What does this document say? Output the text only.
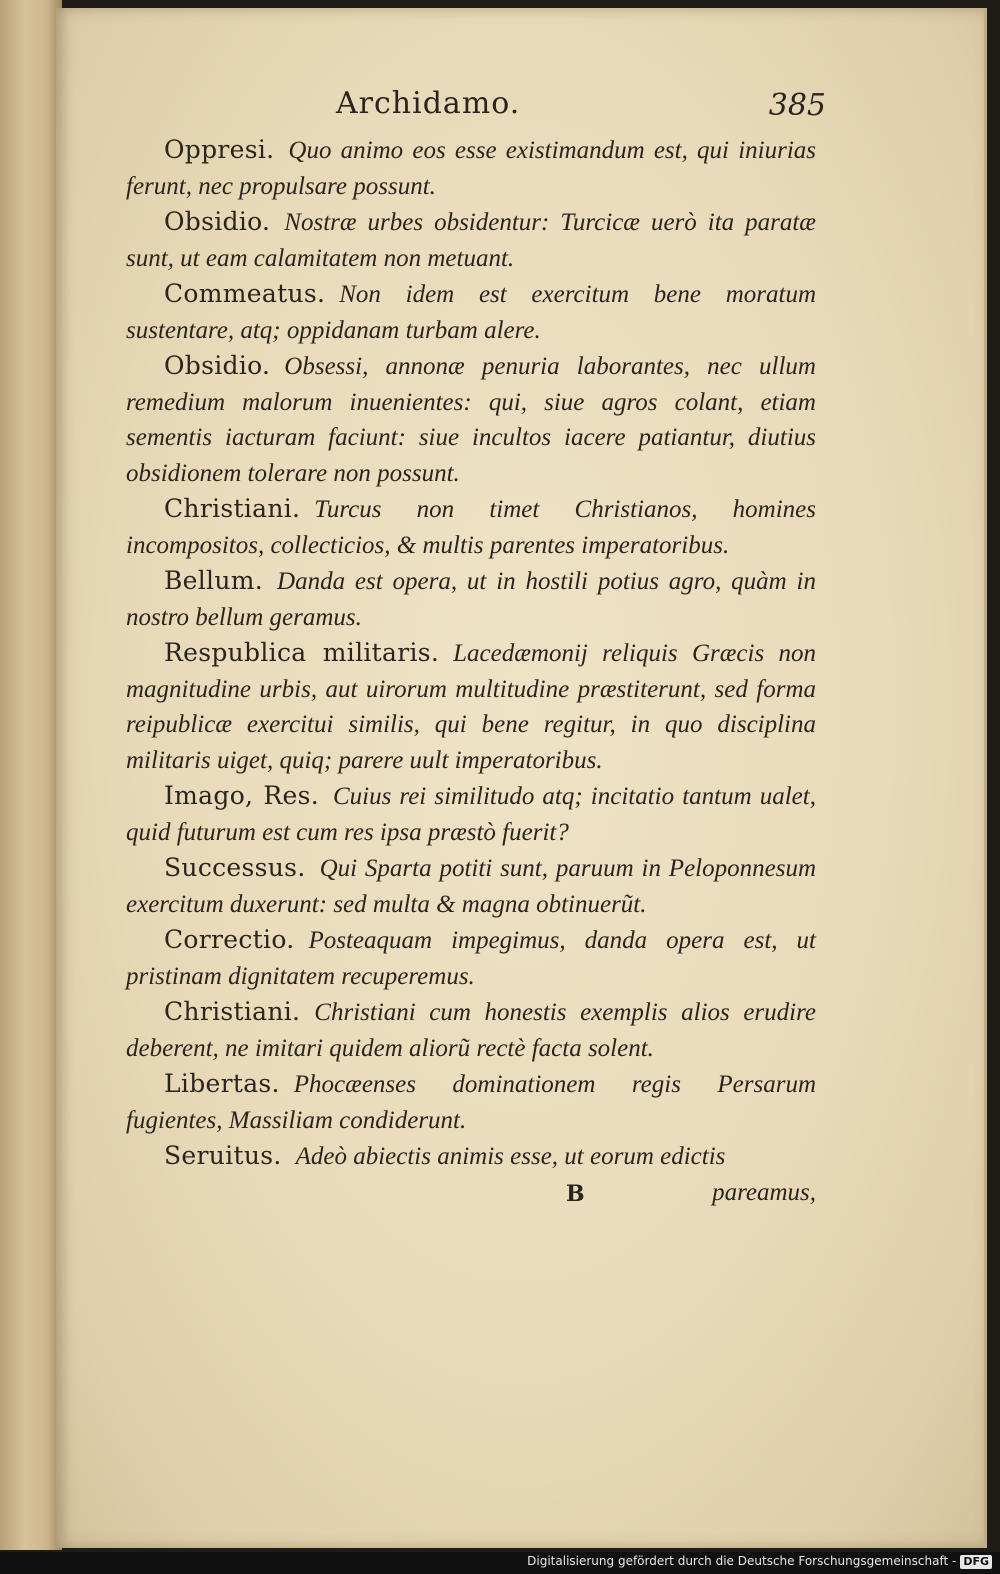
Archidamo.	385

Oppresi. Quo animo eos esse existimandum est, qui iniurias ferunt, nec propulsare possunt.

Obsidio. Nostræ urbes obsidentur: Turcicæ uerò ita paratæ sunt, ut eam calamitatem non metuant.

Commeatus. Non idem est exercitum bene moratum sustentare, atq; oppidanam turbam alere.

Obsidio. Obsessi, annonæ penuria laborantes, nec ullum remedium malorum inuenientes: qui, siue agros colant, etiam sementis iacturam faciunt: siue incultos iacere patiantur, diutius obsidionem tolerare non possunt.

Christiani. Turcus non timet Christianos, homines incompositos, collecticios, & multis parentes imperatoribus.

Bellum. Danda est opera, ut in hostili potius agro, quàm in nostro bellum geramus.

Respublica militaris. Lacedæmonij reliquis Græcis non magnitudine urbis, aut uirorum multitudine præstiterunt, sed forma reipublicæ exercitui similis, qui bene regitur, in quo disciplina militaris uiget, quiq; parere uult imperatoribus.

Imago, Res. Cuius rei similitudo atq; incitatio tantum ualet, quid futurum est cum res ipsa præstò fuerit?

Successus. Qui Sparta potiti sunt, paruum in Peloponnesum exercitum duxerunt: sed multa & magna obtinuerũt.

Correctio. Posteaquam impegimus, danda opera est, ut pristinam dignitatem recuperemus.

Christiani. Christiani cum honestis exemplis alios erudire deberent, ne imitari quidem aliorũ rectè facta solent.

Libertas. Phocæenses dominationem regis Persarum fugientes, Massiliam condiderunt.

Seruitus. Adeò abiectis animis esse, ut eorum edictis

B	pareamus,
Digitalisierung gefördert durch die Deutsche Forschungsgemeinschaft - DFG
